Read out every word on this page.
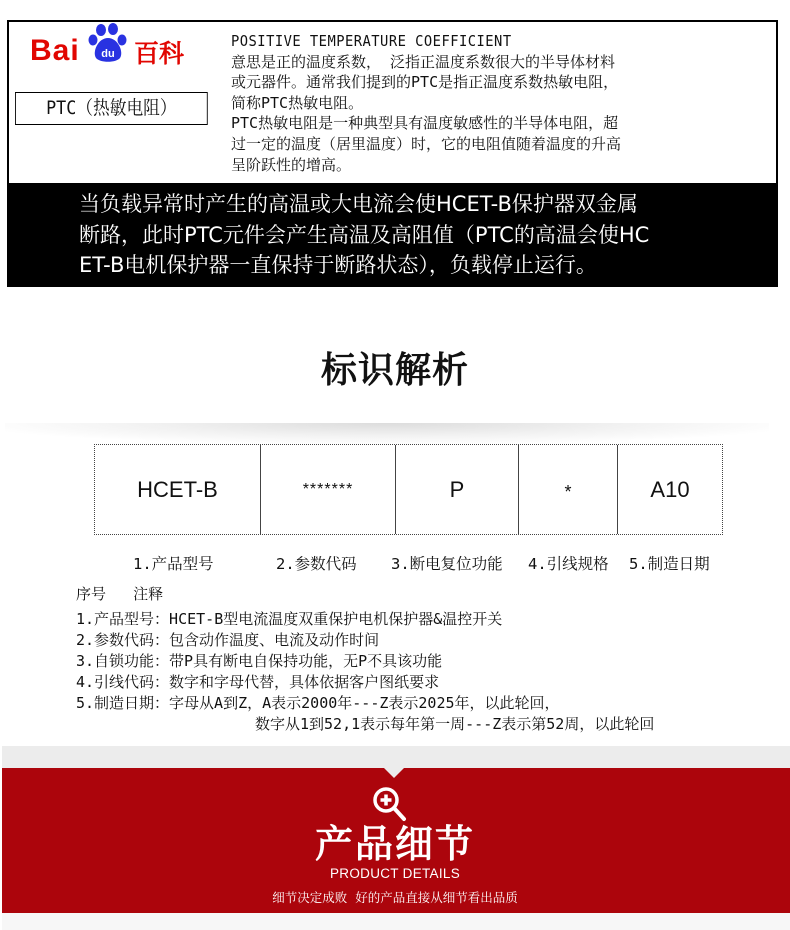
Bai du 百科
PTC（热敏电阻）
POSITIVE TEMPERATURE COEFFICIENT
意思是正的温度系数， 泛指正温度系数很大的半导体材料
或元器件。通常我们提到的PTC是指正温度系数热敏电阻，
简称PTC热敏电阻。
PTC热敏电阻是一种典型具有温度敏感性的半导体电阻，超
过一定的温度（居里温度）时，它的电阻值随着温度的升高
呈阶跃性的增高。
当负载异常时产生的高温或大电流会使HCET-B保护器双金属
断路，此时PTC元件会产生高温及高阻值（PTC的高温会使HC
ET-B电机保护器一直保持于断路状态），负载停止运行。
标识解析
HCET-B	*******	P	*	A10
1.产品型号	2.参数代码 3.断电复位功能 4.引线规格 5.制造日期
序号   注释
1.产品型号：HCET-B型电流温度双重保护电机保护器&温控开关
2.参数代码：包含动作温度、电流及动作时间
3.自锁功能：带P具有断电自保持功能，无P不具该功能
4.引线代码：数字和字母代替，具体依据客户图纸要求
5.制造日期：字母从A到Z，A表示2000年---Z表示2025年，以此轮回，
数字从1到52,1表示每年第一周---Z表示第52周，以此轮回
产品细节
PRODUCT DETAILS
细节决定成败  好的产品直接从细节看出品质
